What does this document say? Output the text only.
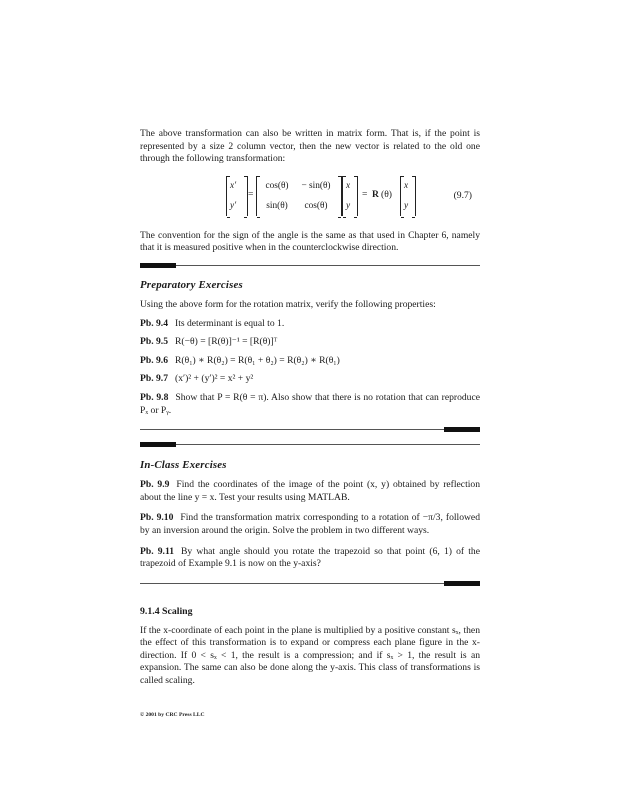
The above transformation can also be written in matrix form. That is, if the point is represented by a size 2 column vector, then the new vector is related to the old one through the following transformation:

x′
y′
=
cos(θ) − sin(θ)
sin(θ) cos(θ)
x
y
= R (θ)
x
y
(9.7)

The convention for the sign of the angle is the same as that used in Chapter 6, namely that it is measured positive when in the counterclockwise direction.

Preparatory Exercises

Using the above form for the rotation matrix, verify the following properties:

Pb. 9.4 Its determinant is equal to 1.

Pb. 9.5 R(−θ) = [R(θ)]⁻¹ = [R(θ)]ᵀ

Pb. 9.6 R(θ₁) ∗ R(θ₂) = R(θ₁ + θ₂) = R(θ₂) ∗ R(θ₁)

Pb. 9.7 (x′)² + (y′)² = x² + y²

Pb. 9.8 Show that P = R(θ = π). Also show that there is no rotation that can reproduce Pₓ or Pᵧ.

In-Class Exercises

Pb. 9.9 Find the coordinates of the image of the point (x, y) obtained by reflection about the line y = x. Test your results using MATLAB.

Pb. 9.10 Find the transformation matrix corresponding to a rotation of −π/3, followed by an inversion around the origin. Solve the problem in two different ways.

Pb. 9.11 By what angle should you rotate the trapezoid so that point (6, 1) of the trapezoid of Example 9.1 is now on the y-axis?

9.1.4 Scaling

If the x-coordinate of each point in the plane is multiplied by a positive constant sₓ, then the effect of this transformation is to expand or compress each plane figure in the x-direction. If 0 < sₓ < 1, the result is a compression; and if sₓ > 1, the result is an expansion. The same can also be done along the y-axis. This class of transformations is called scaling.

© 2001 by CRC Press LLC
